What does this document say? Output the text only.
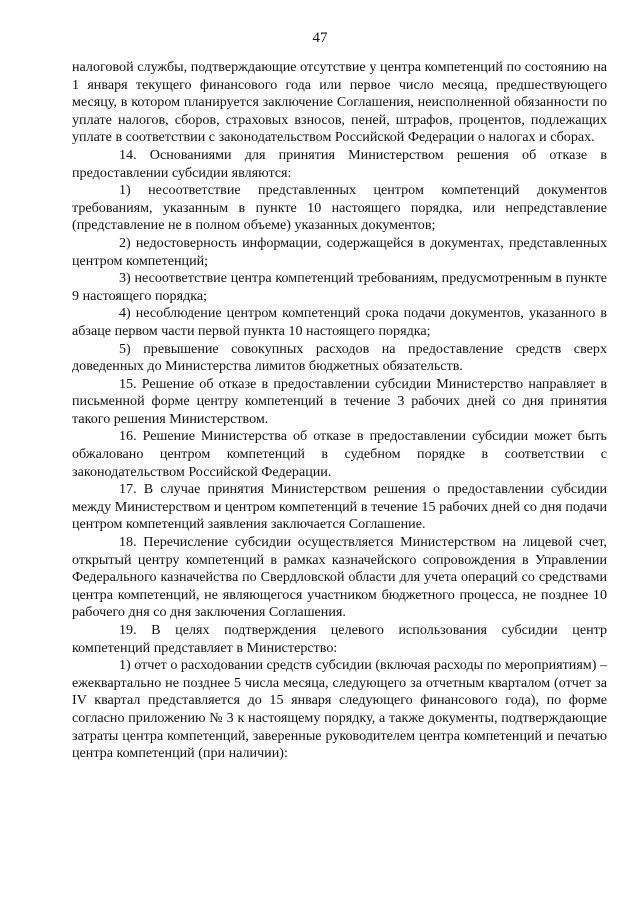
47

налоговой службы, подтверждающие отсутствие у центра компетенций по состоянию на 1 января текущего финансового года или первое число месяца, предшествующего месяцу, в котором планируется заключение Соглашения, неисполненной обязанности по уплате налогов, сборов, страховых взносов, пеней, штрафов, процентов, подлежащих уплате в соответствии с законодательством Российской Федерации о налогах и сборах.

14. Основаниями для принятия Министерством решения об отказе в предоставлении субсидии являются:

1) несоответствие представленных центром компетенций документов требованиям, указанным в пункте 10 настоящего порядка, или непредставление (представление не в полном объеме) указанных документов;

2) недостоверность информации, содержащейся в документах, представленных центром компетенций;

3) несоответствие центра компетенций требованиям, предусмотренным в пункте 9 настоящего порядка;

4) несоблюдение центром компетенций срока подачи документов, указанного в абзаце первом части первой пункта 10 настоящего порядка;

5) превышение совокупных расходов на предоставление средств сверх доведенных до Министерства лимитов бюджетных обязательств.

15. Решение об отказе в предоставлении субсидии Министерство направляет в письменной форме центру компетенций в течение 3 рабочих дней со дня принятия такого решения Министерством.

16. Решение Министерства об отказе в предоставлении субсидии может быть обжаловано центром компетенций в судебном порядке в соответствии с законодательством Российской Федерации.

17. В случае принятия Министерством решения о предоставлении субсидии между Министерством и центром компетенций в течение 15 рабочих дней со дня подачи центром компетенций заявления заключается Соглашение.

18. Перечисление субсидии осуществляется Министерством на лицевой счет, открытый центру компетенций в рамках казначейского сопровождения в Управлении Федерального казначейства по Свердловской области для учета операций со средствами центра компетенций, не являющегося участником бюджетного процесса, не позднее 10 рабочего дня со дня заключения Соглашения.

19. В целях подтверждения целевого использования субсидии центр компетенций представляет в Министерство:

1) отчет о расходовании средств субсидии (включая расходы по мероприятиям) – ежеквартально не позднее 5 числа месяца, следующего за отчетным кварталом (отчет за IV квартал представляется до 15 января следующего финансового года), по форме согласно приложению № 3 к настоящему порядку, а также документы, подтверждающие затраты центра компетенций, заверенные руководителем центра компетенций и печатью центра компетенций (при наличии):
